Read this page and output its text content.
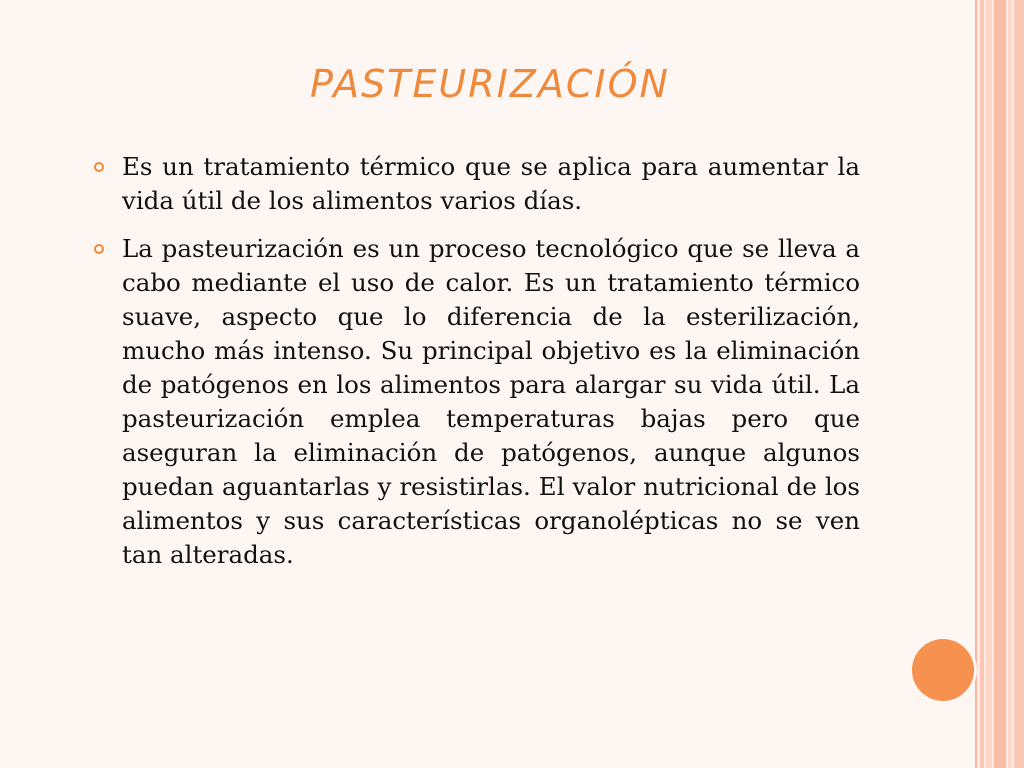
PASTEURIZACIÓN
Es un tratamiento térmico que se aplica para aumentar la vida útil de los alimentos varios días.
La pasteurización es un proceso tecnológico que se lleva a cabo mediante el uso de calor. Es un tratamiento térmico suave, aspecto que lo diferencia de la esterilización, mucho más intenso. Su principal objetivo es la eliminación de patógenos en los alimentos para alargar su vida útil. La pasteurización emplea temperaturas bajas pero que aseguran la eliminación de patógenos, aunque algunos puedan aguantarlas y resistirlas. El valor nutricional de los alimentos y sus características organolépticas no se ven tan alteradas.
